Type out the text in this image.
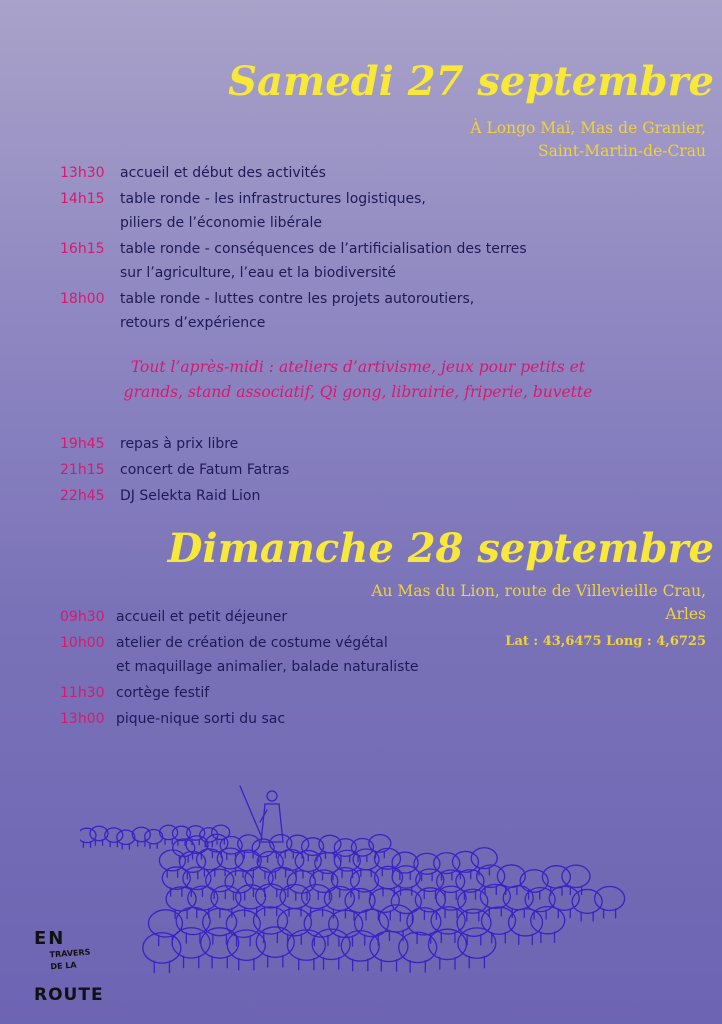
Samedi 27 septembre
À Longo Maï, Mas de Granier,
Saint-Martin-de-Crau
13h30 accueil et début des activités
14h15 table ronde - les infrastructures logistiques,
piliers de l’économie libérale
16h15 table ronde - conséquences de l’artificialisation des terres
sur l’agriculture, l’eau et la biodiversité
18h00 table ronde - luttes contre les projets autoroutiers,
retours d’expérience
Tout l’après-midi : ateliers d’artivisme, jeux pour petits et
grands, stand associatif, Qi gong, librairie, friperie, buvette
19h45 repas à prix libre
21h15 concert de Fatum Fatras
22h45 DJ Selekta Raid Lion
Dimanche 28 septembre
Au Mas du Lion, route de Villevieille Crau,
Arles
Lat : 43,6475 Long : 4,6725
09h30 accueil et petit déjeuner
10h00 atelier de création de costume végétal
et maquillage animalier, balade naturaliste
11h30 cortège festif
13h00 pique-nique sorti du sac
EN
TRAVERS DE LA
ROUTE
